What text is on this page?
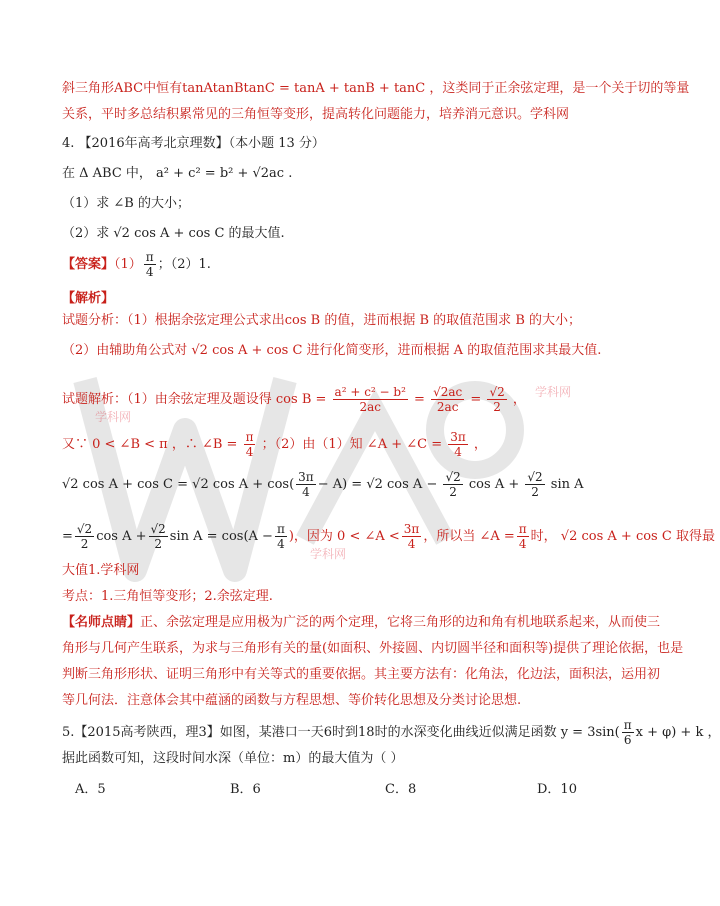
学科网
学科网
学科网
斜三角形ABC中恒有tanAtanBtanC = tanA + tanB + tanC ，这类同于正余弦定理，是一个关于切的等量
关系，平时多总结积累常见的三角恒等变形，提高转化问题能力，培养消元意识。学科网
4. 【2016年高考北京理数】（本小题 13 分）
在 Δ ABC 中， a² + c² = b² + √2ac .
（1）求 ∠B 的大小；
（2）求 √2 cos A + cos C 的最大值.
【答案】$(1) \frac{\pi}{4}$ ；（2）1.
【解析】
试题分析：（1）根据余弦定理公式求出cos B 的值，进而根据 B 的取值范围求 B 的大小；
（2）由辅助角公式对 √2 cos A + cos C 进行化简变形，进而根据 A 的取值范围求其最大值.
试题解析：（1）由余弦定理及题设得 $\cos B = \frac{\text{a² + c² − b²}}{2ac} = \frac{√2ac}{2ac} = \frac{√2}{2}$ ，
又∵ 0 < ∠B < π ，∴ ∠B = $\frac{\pi}{4}$ ；（2）由（1）知 ∠A + ∠C = $\frac{3\pi}{4}$ ，
√2 cos A + cos C = √2 $\cos A + \cos( \frac{3\pi}{4} - A) = √2$ $\cos A - \frac{√2}{2}$ $\cos A + \frac{√2}{2}$ sin A
= $\frac{√2}{2}$ $\cos A + \frac{√2}{2}$ $\sin A = \cos(A - \frac{\pi}{4}$ )，因为 0 < ∠A < $\frac{3\pi}{4}$ ，所以当 ∠A = $\frac{\pi}{4}$ 时， √2 cos A + cos C 取得最
大值1.学科网
考点：1.三角恒等变形；2.余弦定理.
【名师点睛】正、余弦定理是应用极为广泛的两个定理，它将三角形的边和角有机地联系起来，从而使三
角形与几何产生联系，为求与三角形有关的量(如面积、外接圆、内切圆半径和面积等)提供了理论依据，也是
判断三角形形状、证明三角形中有关等式的重要依据。其主要方法有：化角法，化边法，面积法，运用初
等几何法．注意体会其中蕴涵的函数与方程思想、等价转化思想及分类讨论思想.
5.【2015高考陕西，理3】如图，某港口一天6时到18时的水深变化曲线近似满足函数 $y = 3\sin( \frac{\pi}{6}$ x + φ) + k ，
据此函数可知，这段时间水深（单位：m）的最大值为（ ）
A．5	B．6	C．8	D．10
